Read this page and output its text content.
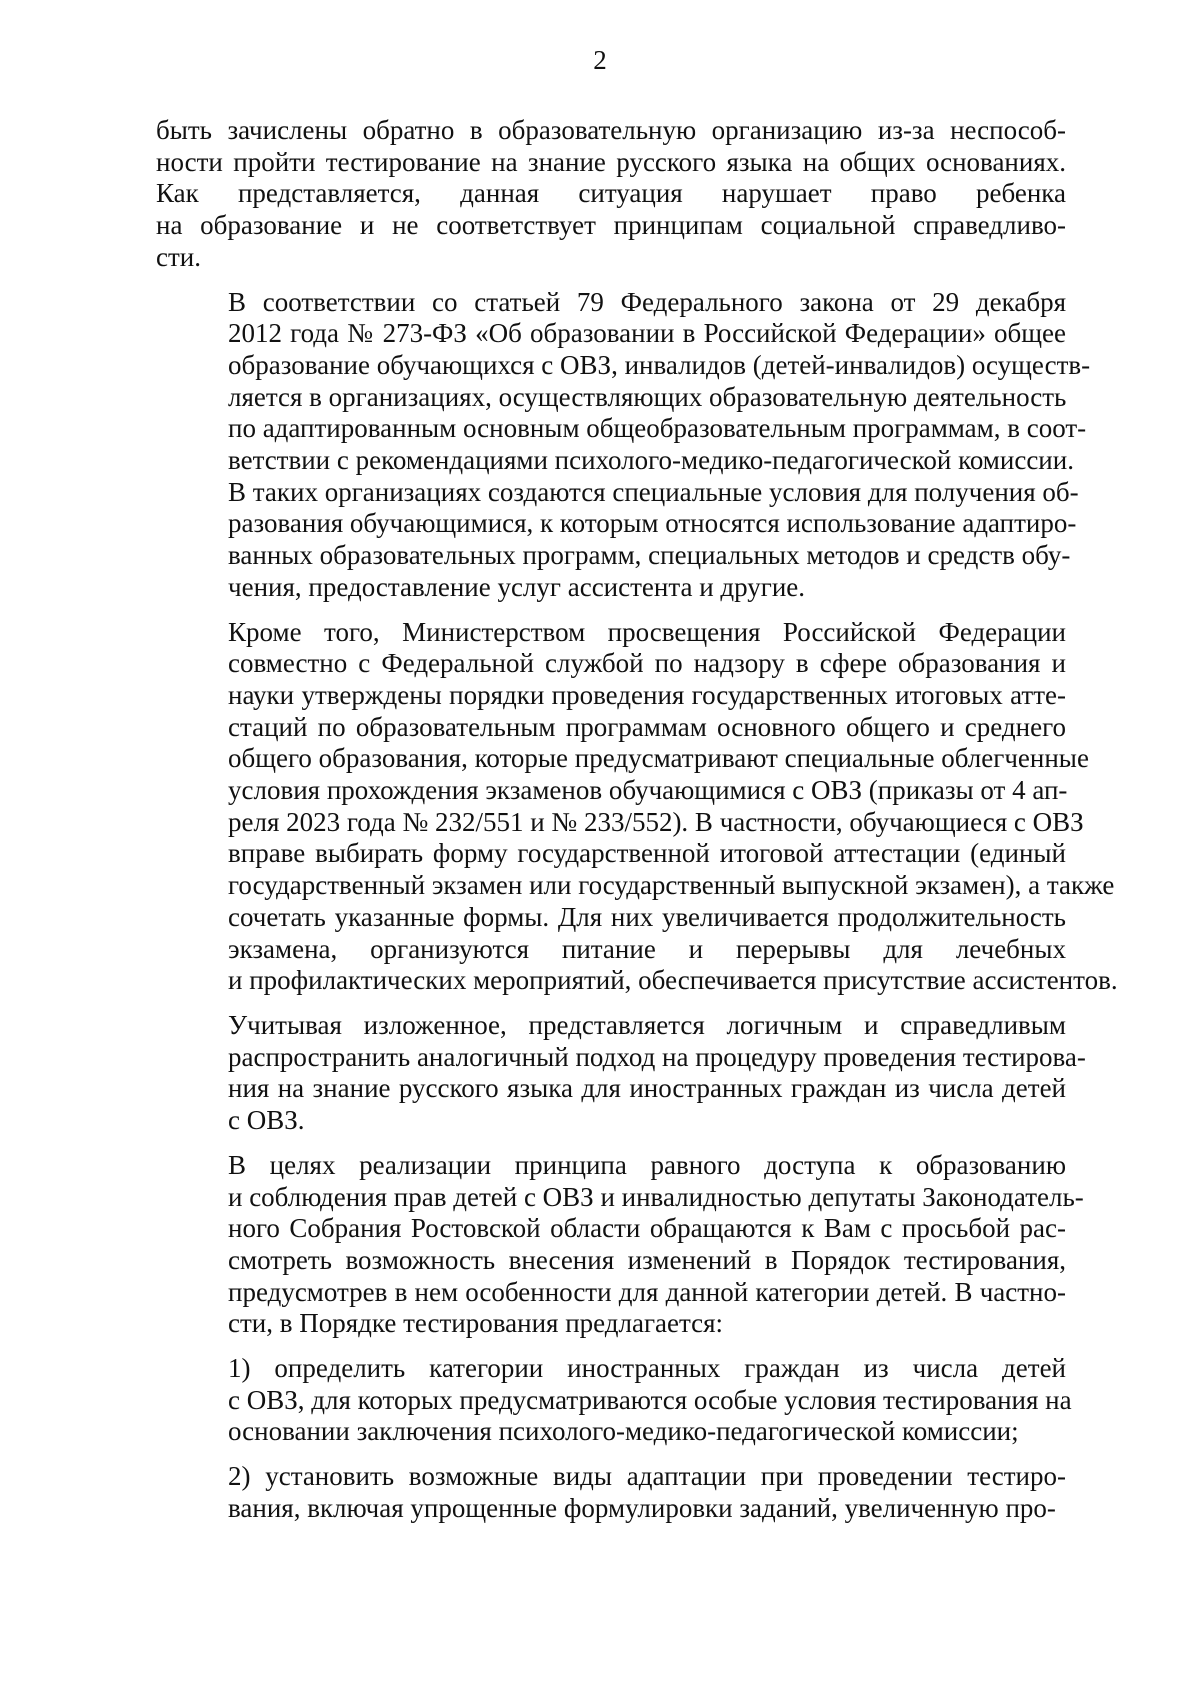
2
быть зачислены обратно в образовательную организацию из-за неспособ-
ности пройти тестирование на знание русского языка на общих основаниях.
Как представляется, данная ситуация нарушает право ребенка
на образование и не соответствует принципам социальной справедливо-
сти.
В соответствии со статьей 79 Федерального закона от 29 декабря
2012 года № 273-ФЗ «Об образовании в Российской Федерации» общее
образование обучающихся с ОВЗ, инвалидов (детей-инвалидов) осуществ-
ляется в организациях, осуществляющих образовательную деятельность
по адаптированным основным общеобразовательным программам, в соот-
ветствии с рекомендациями психолого-медико-педагогической комиссии.
В таких организациях создаются специальные условия для получения об-
разования обучающимися, к которым относятся использование адаптиро-
ванных образовательных программ, специальных методов и средств обу-
чения, предоставление услуг ассистента и другие.
Кроме того, Министерством просвещения Российской Федерации
совместно с Федеральной службой по надзору в сфере образования и
науки утверждены порядки проведения государственных итоговых атте-
стаций по образовательным программам основного общего и среднего
общего образования, которые предусматривают специальные облегченные
условия прохождения экзаменов обучающимися с ОВЗ (приказы от 4 ап-
реля 2023 года № 232/551 и № 233/552). В частности, обучающиеся с ОВЗ
вправе выбирать форму государственной итоговой аттестации (единый
государственный экзамен или государственный выпускной экзамен), а также
сочетать указанные формы. Для них увеличивается продолжительность
экзамена, организуются питание и перерывы для лечебных
и профилактических мероприятий, обеспечивается присутствие ассистентов.
Учитывая изложенное, представляется логичным и справедливым
распространить аналогичный подход на процедуру проведения тестирова-
ния на знание русского языка для иностранных граждан из числа детей
с ОВЗ.
В целях реализации принципа равного доступа к образованию
и соблюдения прав детей с ОВЗ и инвалидностью депутаты Законодатель-
ного Собрания Ростовской области обращаются к Вам с просьбой рас-
смотреть возможность внесения изменений в Порядок тестирования,
предусмотрев в нем особенности для данной категории детей. В частно-
сти, в Порядке тестирования предлагается:
1) определить категории иностранных граждан из числа детей
с ОВЗ, для которых предусматриваются особые условия тестирования на
основании заключения психолого-медико-педагогической комиссии;
2) установить возможные виды адаптации при проведении тестиро-
вания, включая упрощенные формулировки заданий, увеличенную про-
